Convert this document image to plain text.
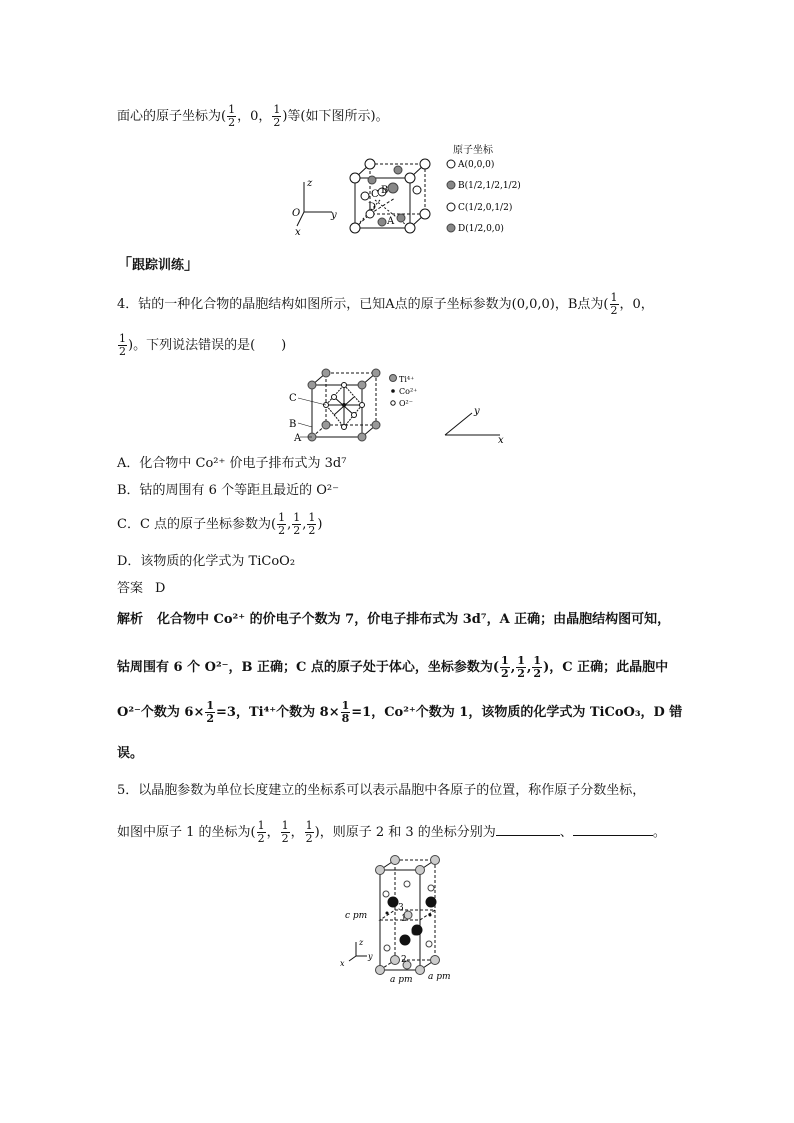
面心的原子坐标为( $\frac{1}{2}$ ，0， $\frac{1}{2}$ )等(如下图所示)。
z
y
x
O
C B
D
A
原子坐标
A(0,0,0)
B(1/2,1/2,1/2)
C(1/2,0,1/2)
D(1/2,0,0)
「跟踪训练」
4．钴的一种化合物的晶胞结构如图所示，已知A点的原子坐标参数为(0,0,0)，B点为( $\frac{1}{2}$ ，0，
$\frac{1}{2}$ )。下列说法错误的是(　　)
C
B
A
Ti⁴⁺
Co²⁺
O²⁻
y
x
A．化合物中 Co²⁺ 价电子排布式为 3d⁷
B．钴的周围有 6 个等距且最近的 O²⁻
C．C 点的原子坐标参数为( $\frac{1}{2}$ , $\frac{1}{2}$ , $\frac{1}{2}$ )
D．该物质的化学式为 TiCoO₂
答案 D
解析 化合物中 Co²⁺ 的价电子个数为 7，价电子排布式为 3d⁷，A 正确；由晶胞结构图可知，
钴周围有 6 个 O²⁻，B 正确；C 点的原子处于体心，坐标参数为( $\frac{1}{2}$ , $\frac{1}{2}$ , $\frac{1}{2}$ )，C 正确；此晶胞中
O²⁻个数为 $6\times \frac{1}{2} =3$，Ti⁴⁺个数为 $8\times \frac{1}{8} =1$，Co²⁺个数为 1，该物质的化学式为 TiCoO₃，D 错
误。
5．以晶胞参数为单位长度建立的坐标系可以表示晶胞中各原子的位置，称作原子分数坐标，
如图中原子 1 的坐标为( $\frac{1}{2}$ ， $\frac{1}{2}$ ， $\frac{1}{2}$ )，则原子 2 和 3 的坐标分别为	、	。
3
1
2
c pm
a pm a pm
z
y
x
